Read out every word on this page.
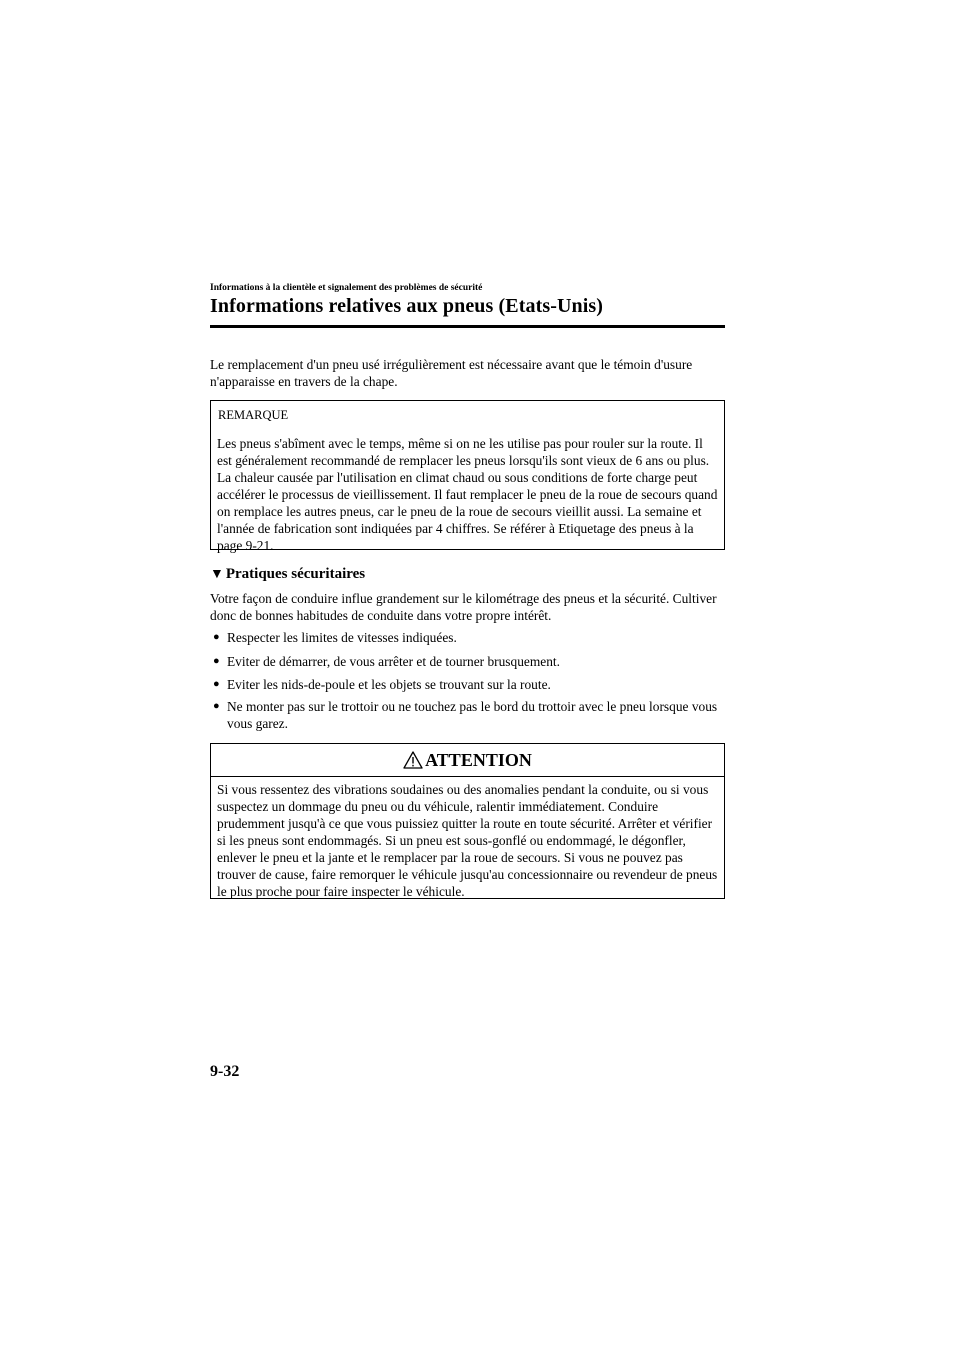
Informations à la clientèle et signalement des problèmes de sécurité
Informations relatives aux pneus (Etats-Unis)
Le remplacement d'un pneu usé irrégulièrement est nécessaire avant que le témoin d'usure n'apparaisse en travers de la chape.
REMARQUE
Les pneus s'abîment avec le temps, même si on ne les utilise pas pour rouler sur la route. Il est généralement recommandé de remplacer les pneus lorsqu'ils sont vieux de 6 ans ou plus. La chaleur causée par l'utilisation en climat chaud ou sous conditions de forte charge peut accélérer le processus de vieillissement. Il faut remplacer le pneu de la roue de secours quand on remplace les autres pneus, car le pneu de la roue de secours vieillit aussi. La semaine et l'année de fabrication sont indiquées par 4 chiffres. Se référer à Etiquetage des pneus à la page 9-21.
▼ Pratiques sécuritaires
Votre façon de conduire influe grandement sur le kilométrage des pneus et la sécurité. Cultiver donc de bonnes habitudes de conduite dans votre propre intérêt.
● Respecter les limites de vitesses indiquées.
● Eviter de démarrer, de vous arrêter et de tourner brusquement.
● Eviter les nids-de-poule et les objets se trouvant sur la route.
● Ne monter pas sur le trottoir ou ne touchez pas le bord du trottoir avec le pneu lorsque vous vous garez.
ATTENTION
Si vous ressentez des vibrations soudaines ou des anomalies pendant la conduite, ou si vous suspectez un dommage du pneu ou du véhicule, ralentir immédiatement. Conduire prudemment jusqu'à ce que vous puissiez quitter la route en toute sécurité. Arrêter et vérifier si les pneus sont endommagés. Si un pneu est sous-gonflé ou endommagé, le dégonfler, enlever le pneu et la jante et le remplacer par la roue de secours. Si vous ne pouvez pas trouver de cause, faire remorquer le véhicule jusqu'au concessionnaire ou revendeur de pneus le plus proche pour faire inspecter le véhicule.
9-32
